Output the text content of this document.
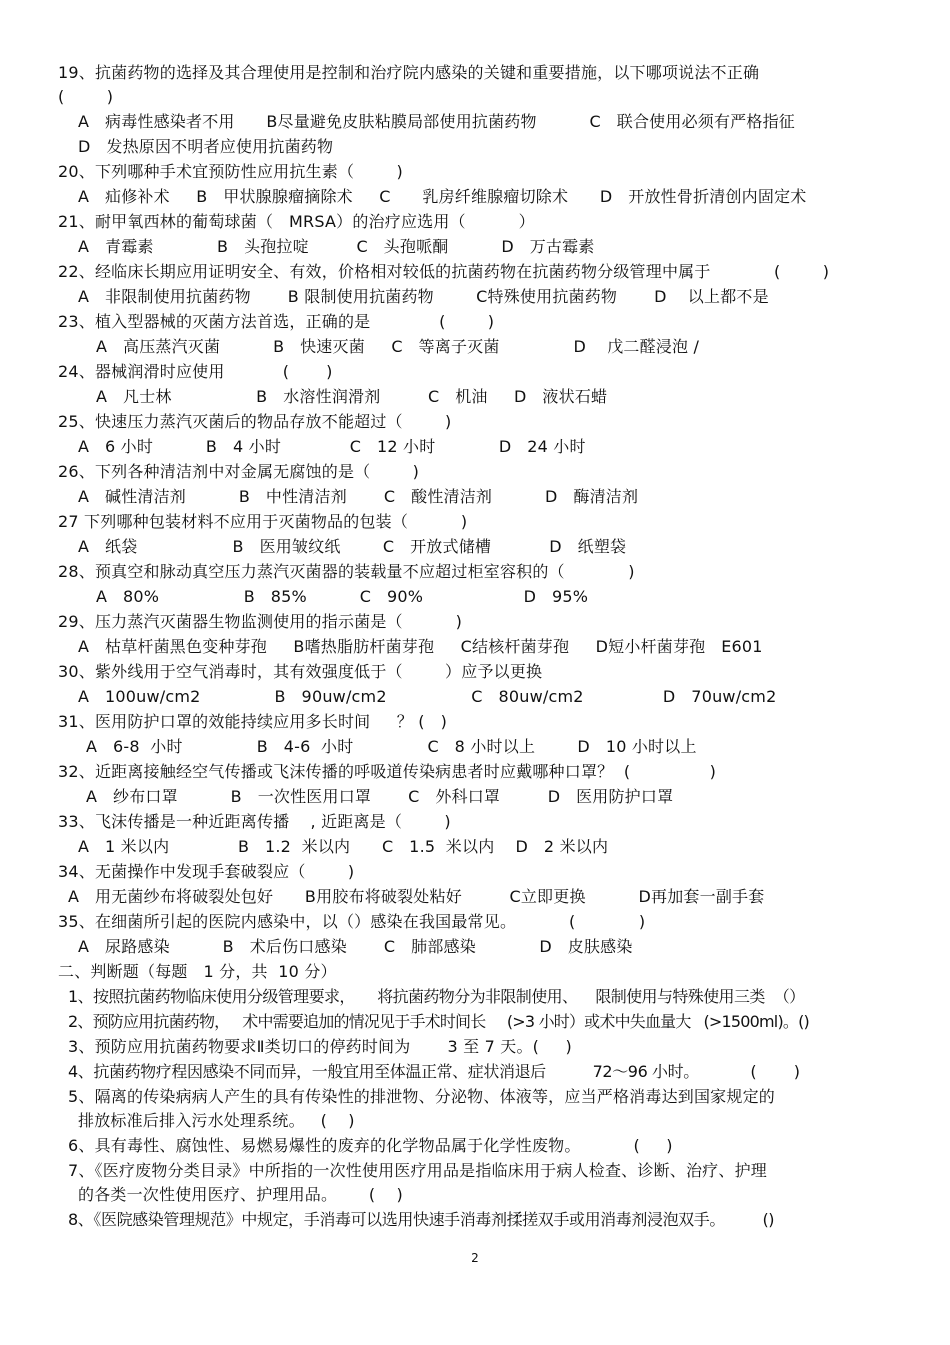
19、抗菌药物的选择及其合理使用是控制和治疗院内感染的关键和重要措施，以下哪项说法不正确
(        )
A   病毒性感染者不用      B尽量避免皮肤粘膜局部使用抗菌药物          C   联合使用必须有严格指征
D   发热原因不明者应使用抗菌药物
20、下列哪种手术宜预防性应用抗生素（        )
A   疝修补术     B   甲状腺腺瘤摘除术     C      乳房纤维腺瘤切除术      D   开放性骨折清创内固定术
21、耐甲氧西林的葡萄球菌（   MRSA）的治疗应选用（          ）
A   青霉素            B   头孢拉啶         C   头孢哌酮          D   万古霉素
22、经临床长期应用证明安全、有效，价格相对较低的抗菌药物在抗菌药物分级管理中属于            (        )
A   非限制使用抗菌药物       B 限制使用抗菌药物        C特殊使用抗菌药物       D    以上都不是
23、植入型器械的灭菌方法首选，正确的是             (        )
A   高压蒸汽灭菌          B   快速灭菌     C   等离子灭菌              D    戊二醛浸泡 /
24、器械润滑时应使用           (       )
A   凡士林                B   水溶性润滑剂         C   机油     D   液状石蜡
25、快速压力蒸汽灭菌后的物品存放不能超过（        )
A   6 小时          B   4 小时             C   12 小时            D   24 小时
26、下列各种清洁剂中对金属无腐蚀的是（        )
A   碱性清洁剂          B   中性清洁剂       C   酸性清洁剂          D   酶清洁剂
27 下列哪种包装材料不应用于灭菌物品的包装（          )
A   纸袋                  B   医用皱纹纸        C   开放式储槽           D   纸塑袋
28、预真空和脉动真空压力蒸汽灭菌器的装载量不应超过柜室容积的（            )
A   80%                B   85%          C   90%                   D   95%
29、压力蒸汽灭菌器生物监测使用的指示菌是（          )
A   枯草杆菌黑色变种芽孢     B嗜热脂肪杆菌芽孢     C结核杆菌芽孢     D短小杆菌芽孢   E601
30、紫外线用于空气消毒时，其有效强度低于（        ）应予以更换
A   100uw/cm2              B   90uw/cm2                C   80uw/cm2               D   70uw/cm2
31、医用防护口罩的效能持续应用多长时间     ？ (   )
A   6-8  小时              B   4-6  小时              C   8 小时以上        D   10 小时以上
32、近距离接触经空气传播或飞沫传播的呼吸道传染病患者时应戴哪种口罩？  (               )
A   纱布口罩          B   一次性医用口罩       C   外科口罩         D   医用防护口罩
33、飞沫传播是一种近距离传播    , 近距离是（        )
A   1 米以内             B   1.2  米以内      C   1.5  米以内    D   2 米以内
34、无菌操作中发现手套破裂应（        )
A   用无菌纱布将破裂处包好      B用胶布将破裂处粘好         C立即更换          D再加套一副手套
35、在细菌所引起的医院内感染中，以（）感染在我国最常见。          (            )
A   尿路感染          B   术后伤口感染       C   肺部感染            D   皮肤感染
二、判断题（每题   1 分，共  10 分）
1、按照抗菌药物临床使用分级管理要求，     将抗菌药物分为非限制使用、    限制使用与特殊使用三类  （）
2、预防应用抗菌药物，   术中需要追加的情况见于手术时间长     (>3 小时）或术中失血量大   (>1500ml)。()
3、预防应用抗菌药物要求Ⅱ类切口的停药时间为       3 至 7 天。(     )
4、抗菌药物疗程因感染不同而异，一般宜用至体温正常、症状消退后          72～96 小时。           (        )
5、隔离的传染病病人产生的具有传染性的排泄物、分泌物、体液等，应当严格消毒达到国家规定的
排放标准后排入污水处理系统。   (    )
6、具有毒性、腐蚀性、易燃易爆性的废弃的化学物品属于化学性废物。          (     )
7、《医疗废物分类目录》中所指的一次性使用医疗用品是指临床用于病人检查、诊断、治疗、护理
的各类一次性使用医疗、护理用品。      (    )
8、《医院感染管理规范》中规定，手消毒可以选用快速手消毒剂揉搓双手或用消毒剂浸泡双手。        ()
2
